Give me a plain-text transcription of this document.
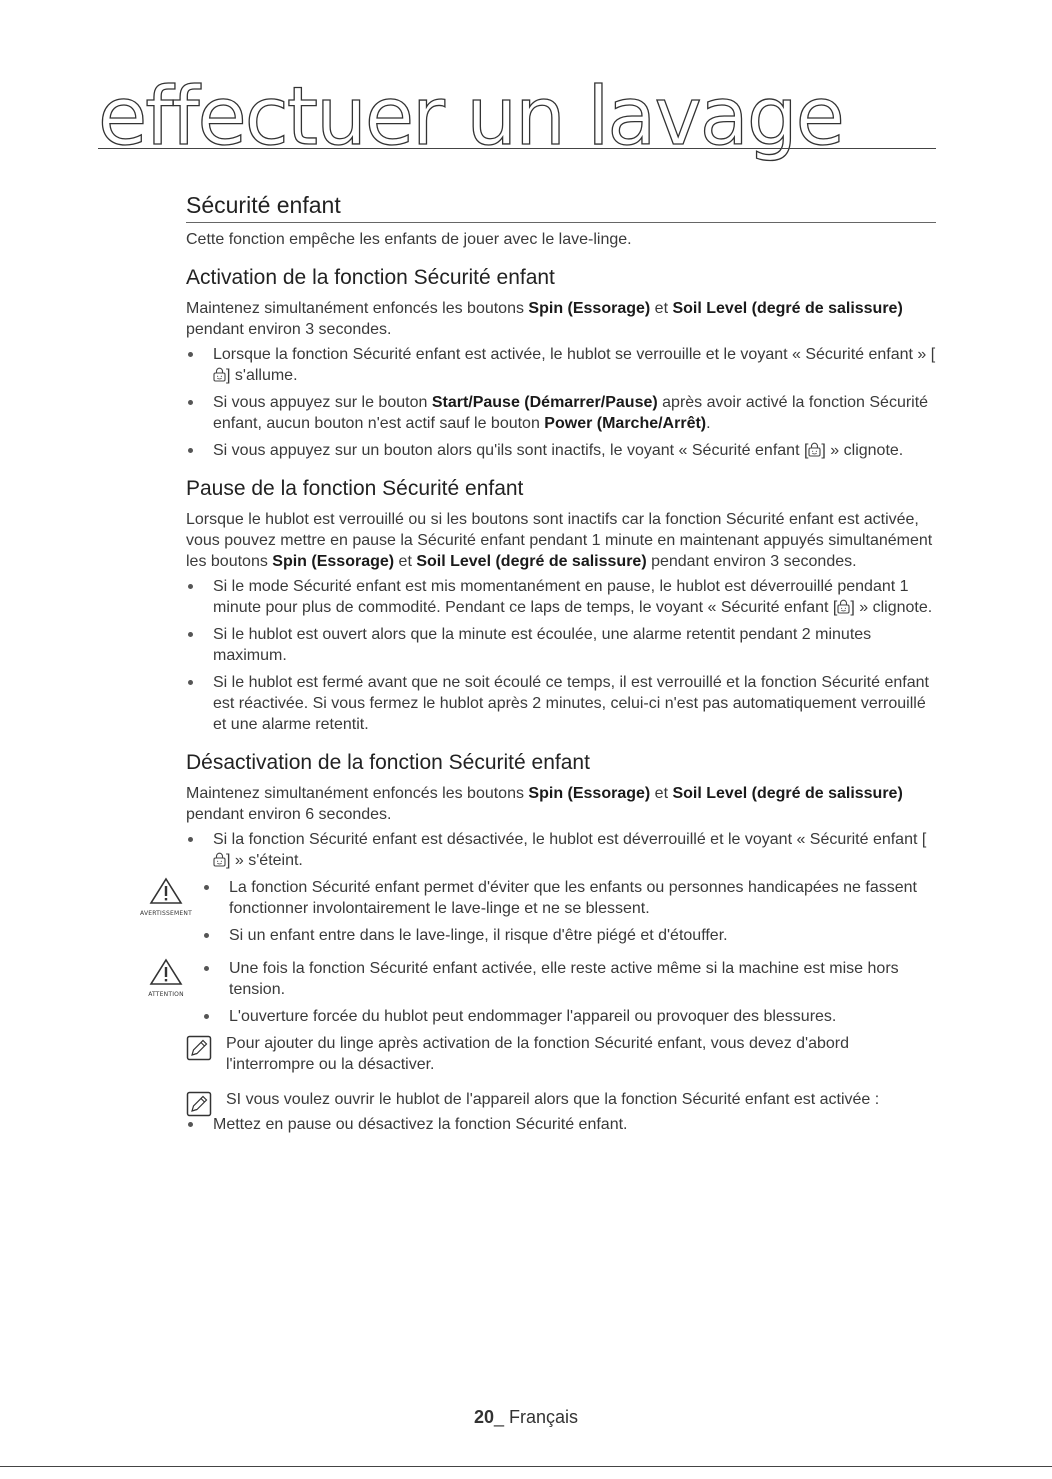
effectuer un lavage
Sécurité enfant

Cette fonction empêche les enfants de jouer avec le lave-linge.

Activation de la fonction Sécurité enfant

Maintenez simultanément enfoncés les boutons Spin (Essorage) et Soil Level (degré de salissure) pendant environ 3 secondes.

Lorsque la fonction Sécurité enfant est activée, le hublot se verrouille et le voyant « Sécurité enfant » [] s'allume.
Si vous appuyez sur le bouton Start/Pause (Démarrer/Pause) après avoir activé la fonction Sécurité enfant, aucun bouton n'est actif sauf le bouton Power (Marche/Arrêt).
Si vous appuyez sur un bouton alors qu'ils sont inactifs, le voyant « Sécurité enfant [ ] » clignote.
Pause de la fonction Sécurité enfant

Lorsque le hublot est verrouillé ou si les boutons sont inactifs car la fonction Sécurité enfant est activée, vous pouvez mettre en pause la Sécurité enfant pendant 1 minute en maintenant appuyés simultanément les boutons Spin (Essorage) et Soil Level (degré de salissure) pendant environ 3 secondes.

Si le mode Sécurité enfant est mis momentanément en pause, le hublot est déverrouillé pendant 1 minute pour plus de commodité. Pendant ce laps de temps, le voyant « Sécurité enfant [ ] » clignote.
Si le hublot est ouvert alors que la minute est écoulée, une alarme retentit pendant 2 minutes maximum.
Si le hublot est fermé avant que ne soit écoulé ce temps, il est verrouillé et la fonction Sécurité enfant est réactivée. Si vous fermez le hublot après 2 minutes, celui-ci n'est pas automatiquement verrouillé et une alarme retentit.
Désactivation de la fonction Sécurité enfant

Maintenez simultanément enfoncés les boutons Spin (Essorage) et Soil Level (degré de salissure) pendant environ 6 secondes.

Si la fonction Sécurité enfant est désactivée, le hublot est déverrouillé et le voyant « Sécurité enfant [] » s'éteint.
AVERTISSEMENT
La fonction Sécurité enfant permet d'éviter que les enfants ou personnes handicapées ne fassent fonctionner involontairement le lave-linge et ne se blessent.
Si un enfant entre dans le lave-linge, il risque d'être piégé et d'étouffer.
ATTENTION
Une fois la fonction Sécurité enfant activée, elle reste active même si la machine est mise hors tension.
L'ouverture forcée du hublot peut endommager l'appareil ou provoquer des blessures.

Pour ajouter du linge après activation de la fonction Sécurité enfant, vous devez d'abord l'interrompre ou la désactiver.

SI vous voulez ouvrir le hublot de l'appareil alors que la fonction Sécurité enfant est activée :

Mettez en pause ou désactivez la fonction Sécurité enfant.
20_ Français
